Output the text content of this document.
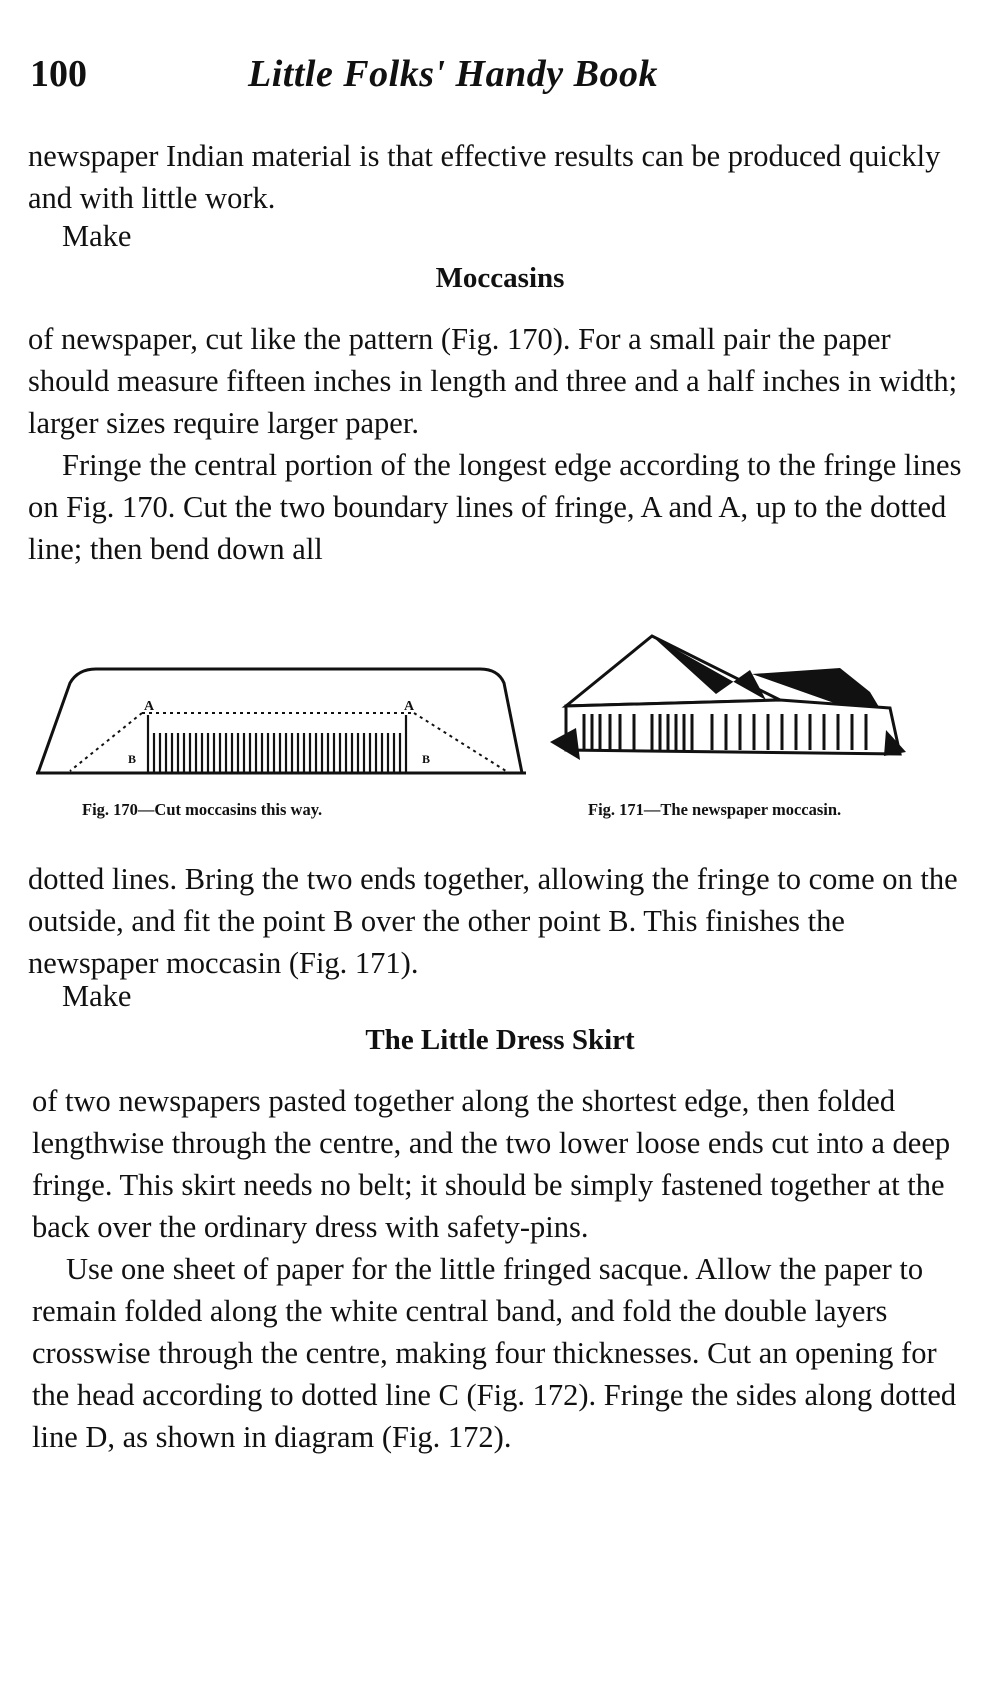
100	Little Folks' Handy Book

newspaper Indian material is that effective results can be produced quickly and with little work.

Make
Moccasins

of newspaper, cut like the pattern (Fig. 170). For a small pair the paper should measure fifteen inches in length and three and a half inches in width; larger sizes require larger paper.

Fringe the central portion of the longest edge according to the fringe lines on Fig. 170. Cut the two boundary lines of fringe, A and A, up to the dotted line; then bend down all

A	A
B	B
Fig. 170—Cut moccasins this way.	Fig. 171—The newspaper moccasin.

dotted lines. Bring the two ends together, allowing the fringe to come on the outside, and fit the point B over the other point B. This finishes the newspaper moccasin (Fig. 171).

Make
The Little Dress Skirt

of two newspapers pasted together along the shortest edge, then folded lengthwise through the centre, and the two lower loose ends cut into a deep fringe. This skirt needs no belt; it should be simply fastened together at the back over the ordinary dress with safety-pins.

Use one sheet of paper for the little fringed sacque. Allow the paper to remain folded along the white central band, and fold the double layers crosswise through the centre, making four thicknesses. Cut an opening for the head according to dotted line C (Fig. 172). Fringe the sides along dotted line D, as shown in diagram (Fig. 172).
